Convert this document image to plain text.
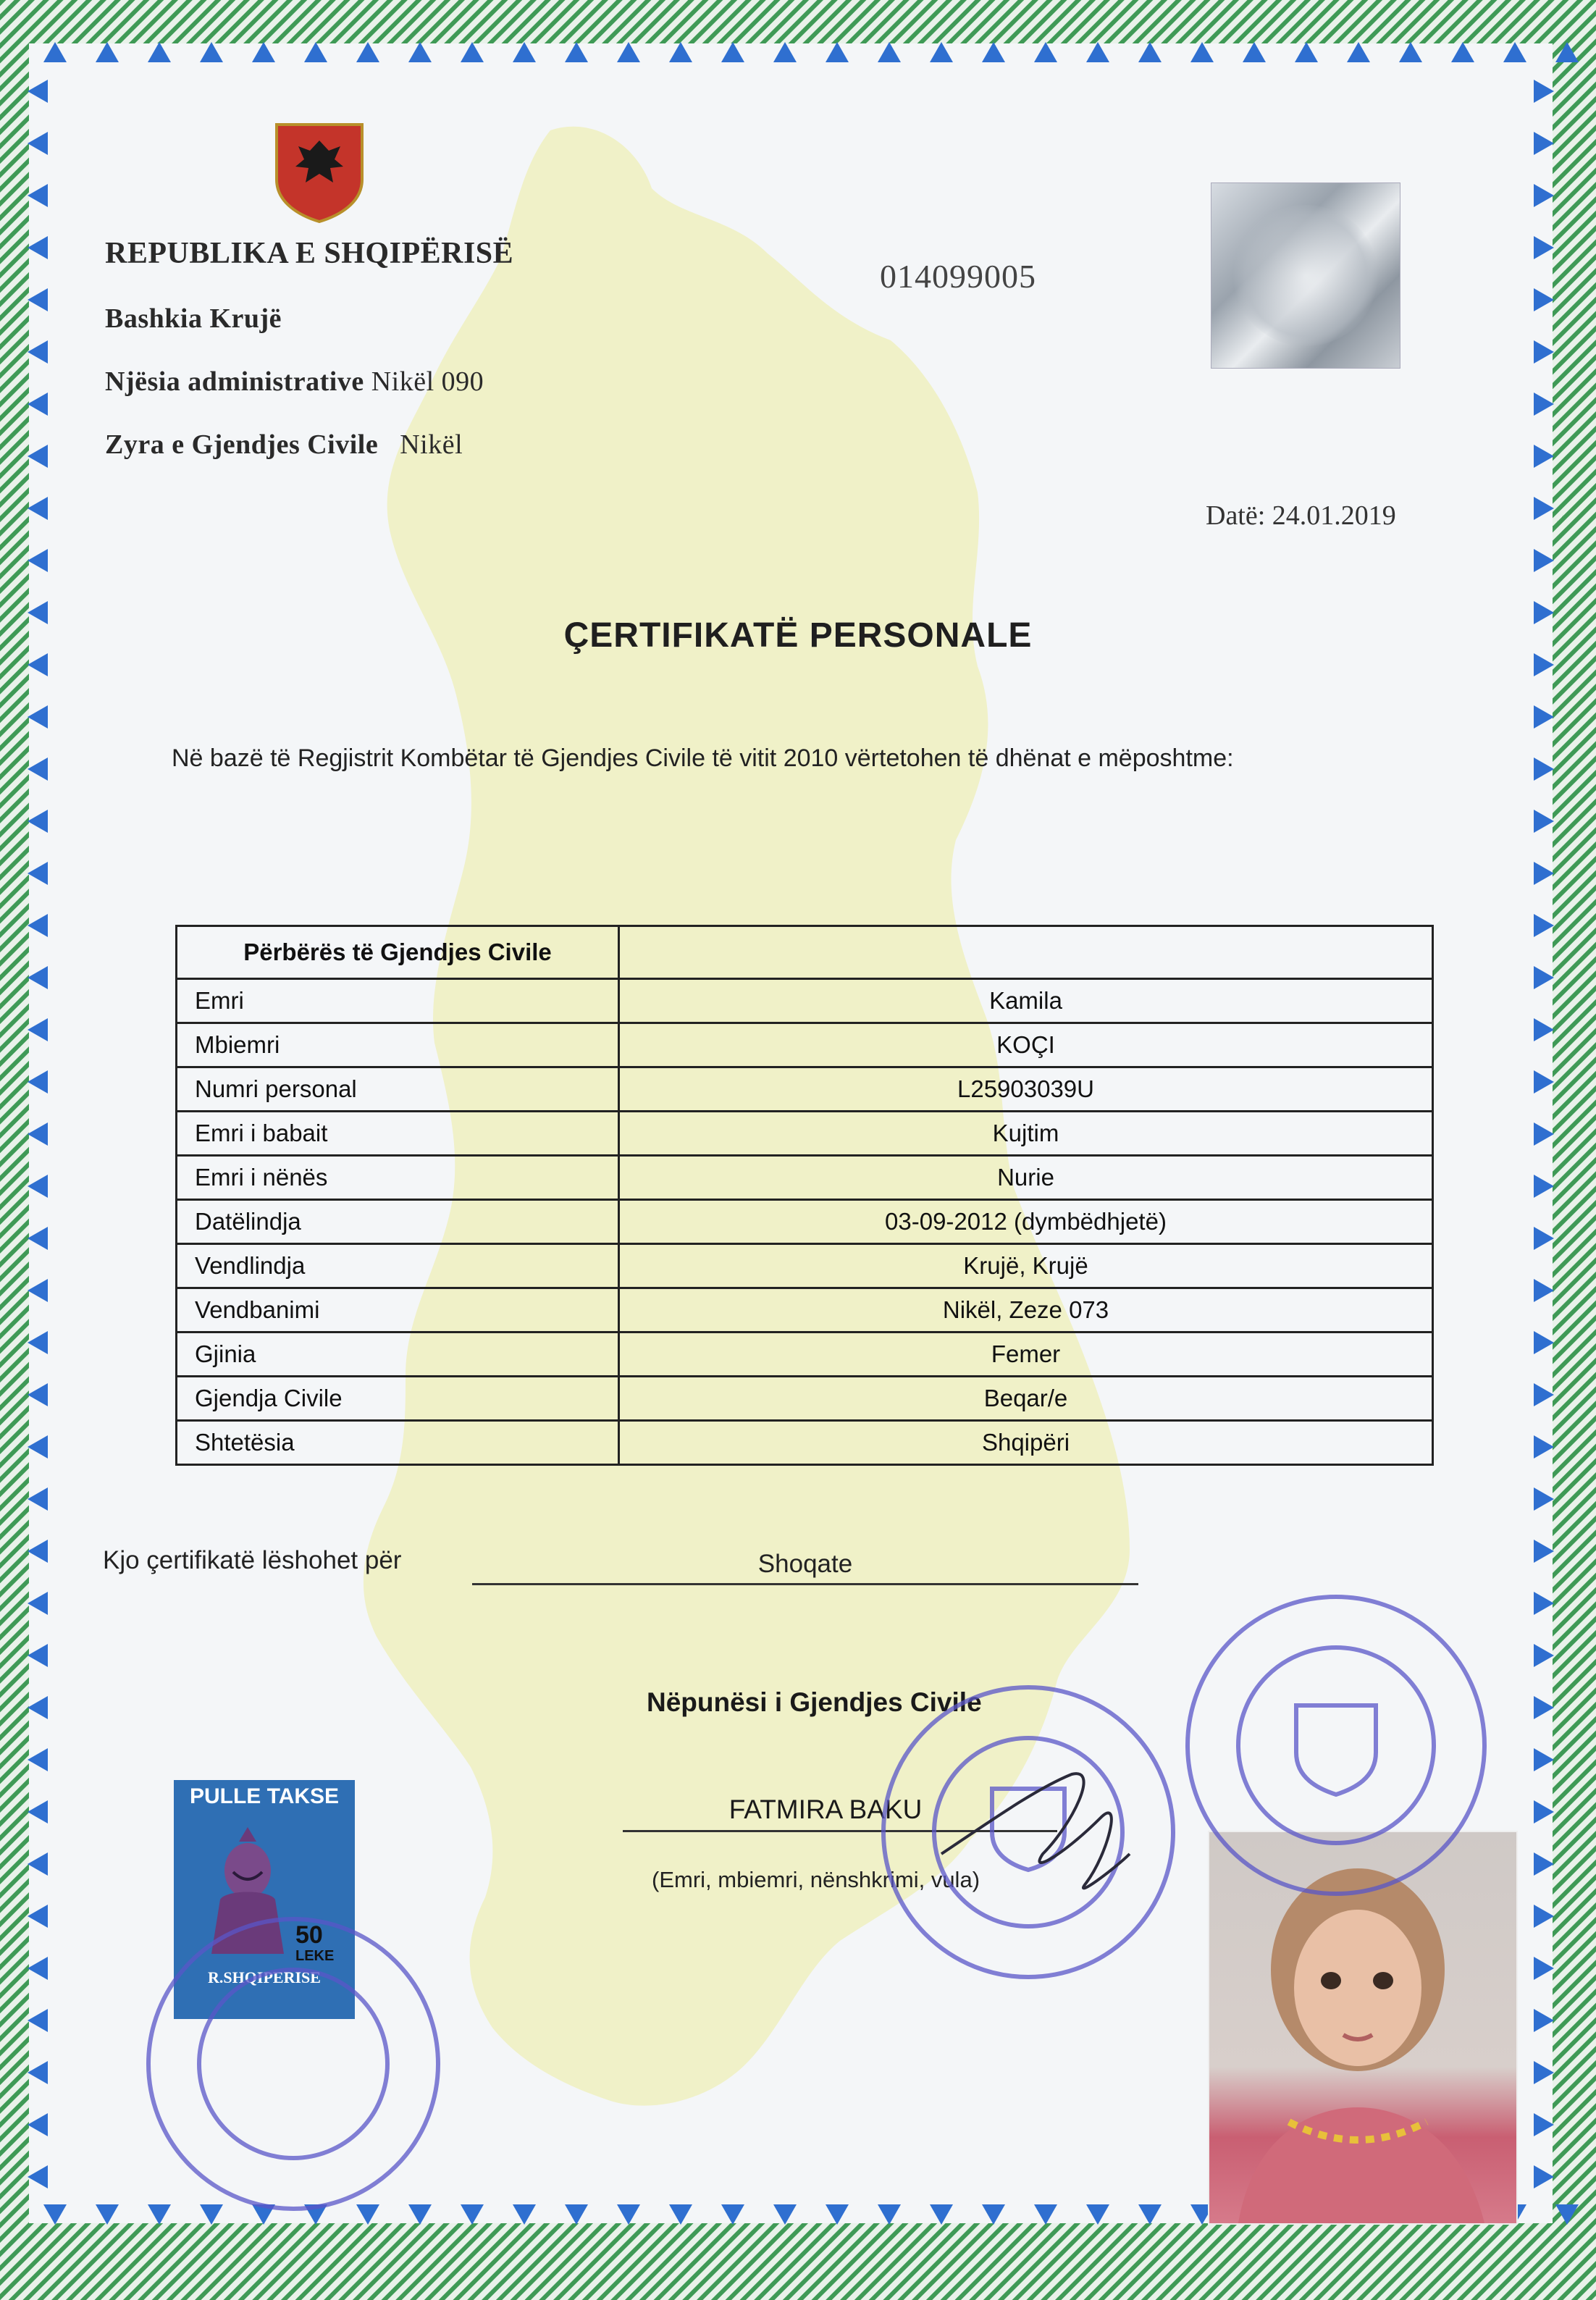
REPUBLIKA E SHQIPËRISË
Bashkia Krujë
Njësia administrative Nikël 090
Zyra e Gjendjes Civile Nikël
014099005
Datë: 24.01.2019
ÇERTIFIKATË PERSONALE
Në bazë të Regjistrit Kombëtar të Gjendjes Civile të vitit 2010 vërtetohen të dhënat e mëposhtme:
Përbërës të Gjendjes Civile	
Emri	Kamila
Mbiemri	KOÇI
Numri personal	L25903039U
Emri i babait	Kujtim
Emri i nënës	Nurie
Datëlindja	03-09-2012 (dymbëdhjetë)
Vendlindja	Krujë, Krujë
Vendbanimi	Nikël, Zeze 073
Gjinia	Femer
Gjendja Civile	Beqar/e
Shtetësia	Shqipëri
Kjo çertifikatë lëshohet për	Shoqate
Nëpunësi i Gjendjes Civile
FATMIRA BAKU
(Emri, mbiemri, nënshkrimi, vula)
PULLE TAKSE
50
LEKE
R.SHQIPERISE
